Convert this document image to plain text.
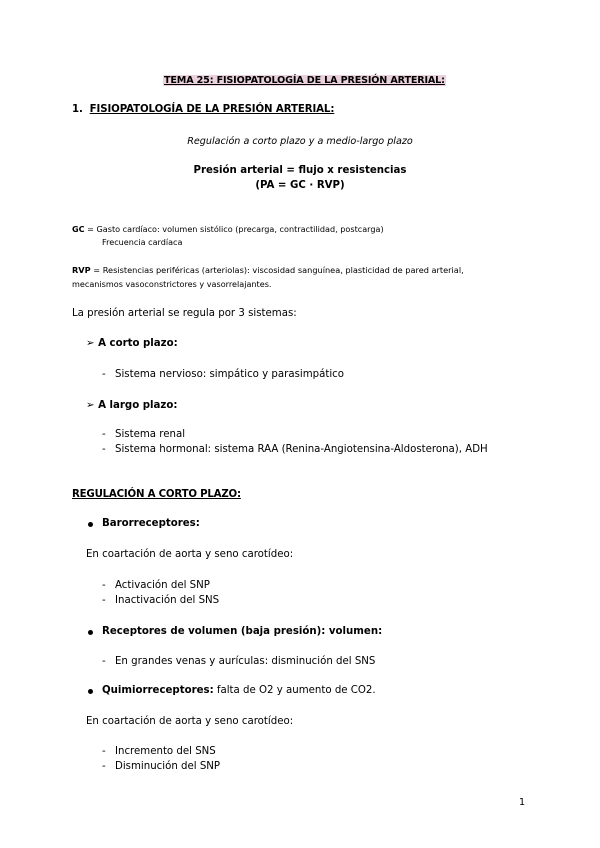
TEMA 25: FISIOPATOLOGÍA DE LA PRESIÓN ARTERIAL:
1. FISIOPATOLOGÍA DE LA PRESIÓN ARTERIAL:
Regulación a corto plazo y a medio-largo plazo
Presión arterial = flujo x resistencias
(PA = GC · RVP)
GC = Gasto cardíaco: volumen sistólico (precarga, contractilidad, postcarga)
Frecuencia cardíaca
RVP = Resistencias periféricas (arteriolas): viscosidad sanguínea, plasticidad de pared arterial,
mecanismos vasoconstrictores y vasorrelajantes.
La presión arterial se regula por 3 sistemas:
➢ A corto plazo:
- Sistema nervioso: simpático y parasimpático
➢ A largo plazo:
- Sistema renal
- Sistema hormonal: sistema RAA (Renina-Angiotensina-Aldosterona), ADH
REGULACIÓN A CORTO PLAZO:
Barorreceptores:
En coartación de aorta y seno carotídeo:
- Activación del SNP
- Inactivación del SNS
Receptores de volumen (baja presión): volumen:
- En grandes venas y aurículas: disminución del SNS
Quimiorreceptores: falta de O2 y aumento de CO2.
En coartación de aorta y seno carotídeo:
- Incremento del SNS
- Disminución del SNP
1
